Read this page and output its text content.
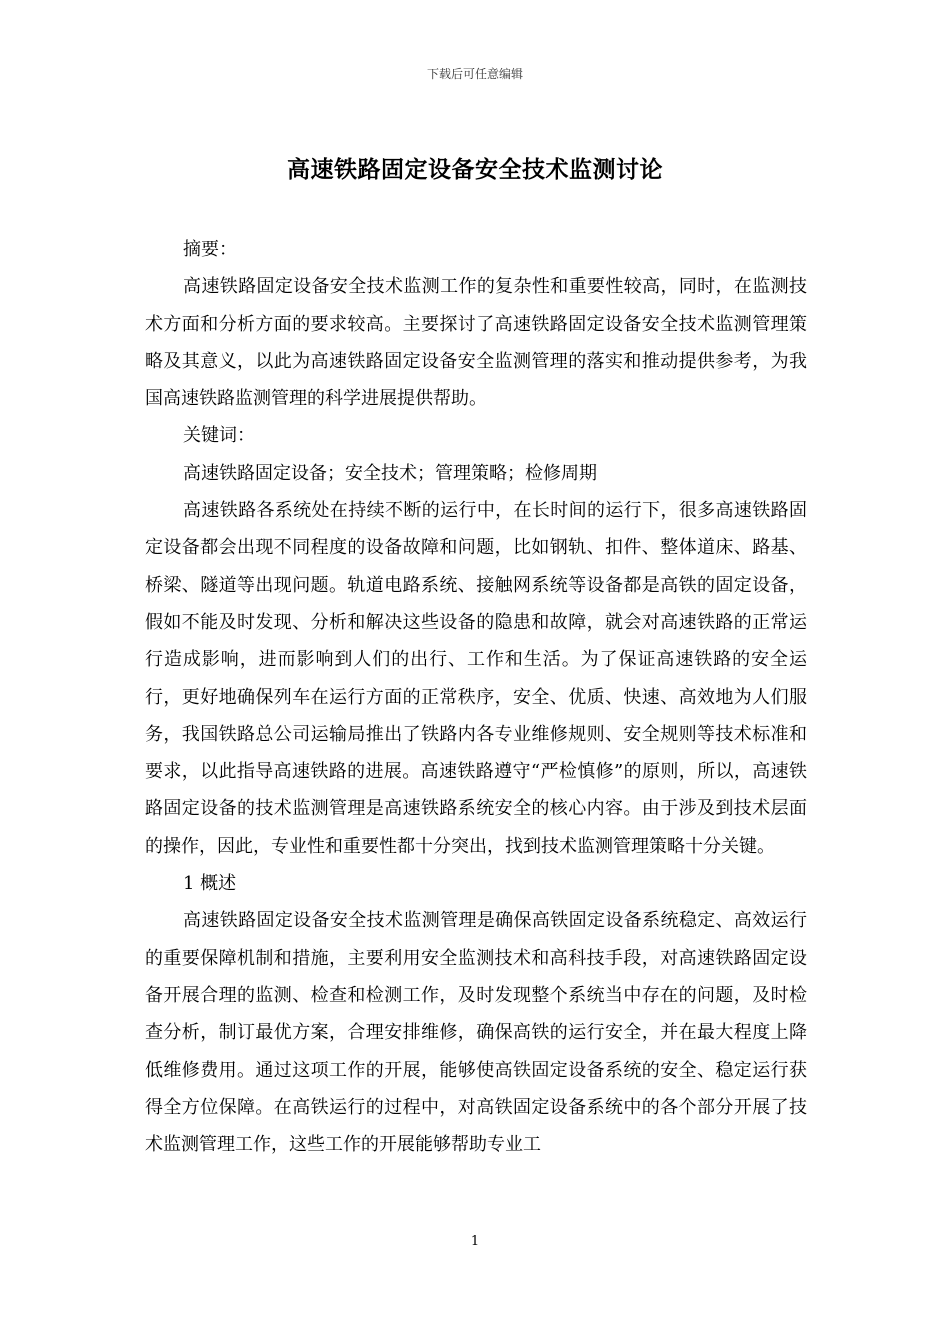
下载后可任意编辑
高速铁路固定设备安全技术监测讨论

摘要：

高速铁路固定设备安全技术监测工作的复杂性和重要性较高，同时，在监测技术方面和分析方面的要求较高。主要探讨了高速铁路固定设备安全技术监测管理策略及其意义，以此为高速铁路固定设备安全监测管理的落实和推动提供参考，为我国高速铁路监测管理的科学进展提供帮助。

关键词：

高速铁路固定设备；安全技术；管理策略；检修周期

高速铁路各系统处在持续不断的运行中，在长时间的运行下，很多高速铁路固定设备都会出现不同程度的设备故障和问题，比如钢轨、扣件、整体道床、路基、桥梁、隧道等出现问题。轨道电路系统、接触网系统等设备都是高铁的固定设备，假如不能及时发现、分析和解决这些设备的隐患和故障，就会对高速铁路的正常运行造成影响，进而影响到人们的出行、工作和生活。为了保证高速铁路的安全运行，更好地确保列车在运行方面的正常秩序，安全、优质、快速、高效地为人们服务，我国铁路总公司运输局推出了铁路内各专业维修规则、安全规则等技术标准和要求，以此指导高速铁路的进展。高速铁路遵守“严检慎修”的原则，所以，高速铁路固定设备的技术监测管理是高速铁路系统安全的核心内容。由于涉及到技术层面的操作，因此，专业性和重要性都十分突出，找到技术监测管理策略十分关键。

1 概述

高速铁路固定设备安全技术监测管理是确保高铁固定设备系统稳定、高效运行的重要保障机制和措施，主要利用安全监测技术和高科技手段，对高速铁路固定设备开展合理的监测、检查和检测工作，及时发现整个系统当中存在的问题，及时检查分析，制订最优方案，合理安排维修，确保高铁的运行安全，并在最大程度上降低维修费用。通过这项工作的开展，能够使高铁固定设备系统的安全、稳定运行获得全方位保障。在高铁运行的过程中，对高铁固定设备系统中的各个部分开展了技术监测管理工作，这些工作的开展能够帮助专业工

1
